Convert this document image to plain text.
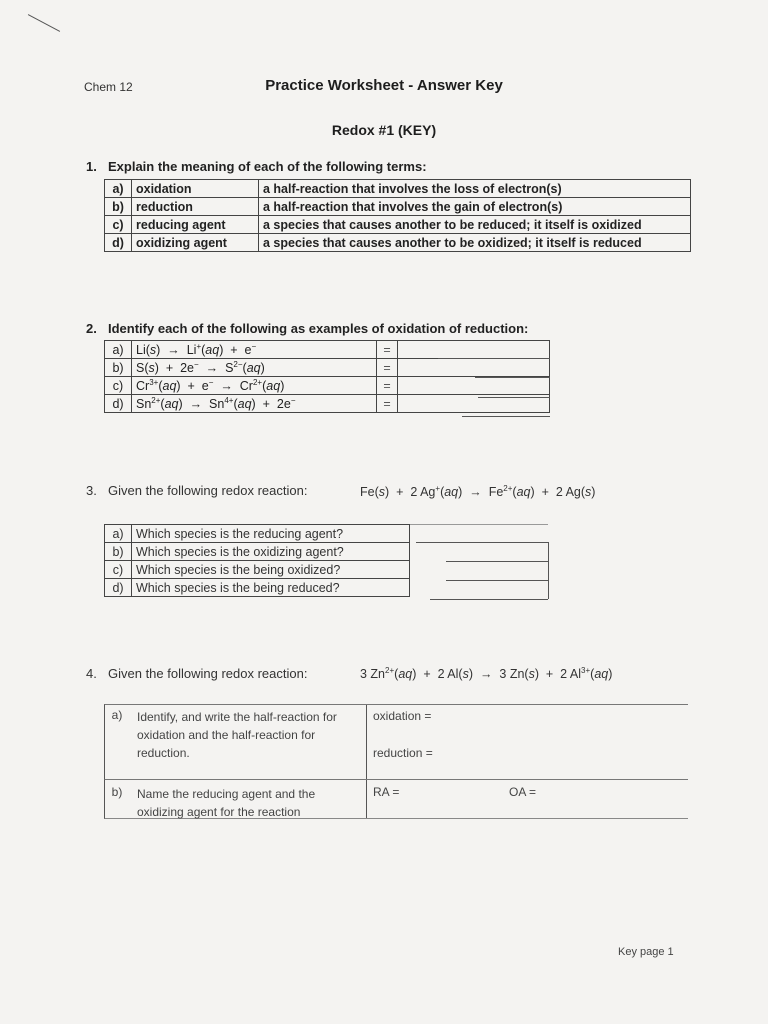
Chem 12	Practice Worksheet - Answer Key
Redox #1 (KEY)
1. Explain the meaning of each of the following terms:
a)	oxidation	a half-reaction that involves the loss of electron(s)
b)	reduction	a half-reaction that involves the gain of electron(s)
c)	reducing agent	a species that causes another to be reduced; it itself is oxidized
d)	oxidizing agent	a species that causes another to be oxidized; it itself is reduced
2. Identify each of the following as examples of oxidation of reduction:
a)	Li(s)  →  Li+(aq)  +  e−	=	
b)	$S(s) + 2e^- \to S^{2-}(aq)$	=	
c)	$Cr^{3+}(aq) + e^- \to Cr^{2+}(aq)$	=	
d)	$Sn^{2+}(aq) \to Sn^{4+}(aq) + 2e^-$	=	
3. Given the following redox reaction:	Fe(s)  +  2 $Ag^+(aq) \to Fe^{2+}(aq) + 2$ Ag(s)
a)	Which species is the reducing agent?
b)	Which species is the oxidizing agent?
c)	Which species is the being oxidized?
d)	Which species is the being reduced?
4. Given the following redox reaction:	3 $Zn^{2+}(aq) + 2$ Al(s)  →  3 Zn(s)  +  2 $Al^{3+}(aq)$
a)	Identify, and write the half-reaction for oxidation and the half-reaction for reduction.
oxidation =
reduction =
b)	Name the reducing agent and the oxidizing agent for the reaction
RA =	OA =
Key page 1
